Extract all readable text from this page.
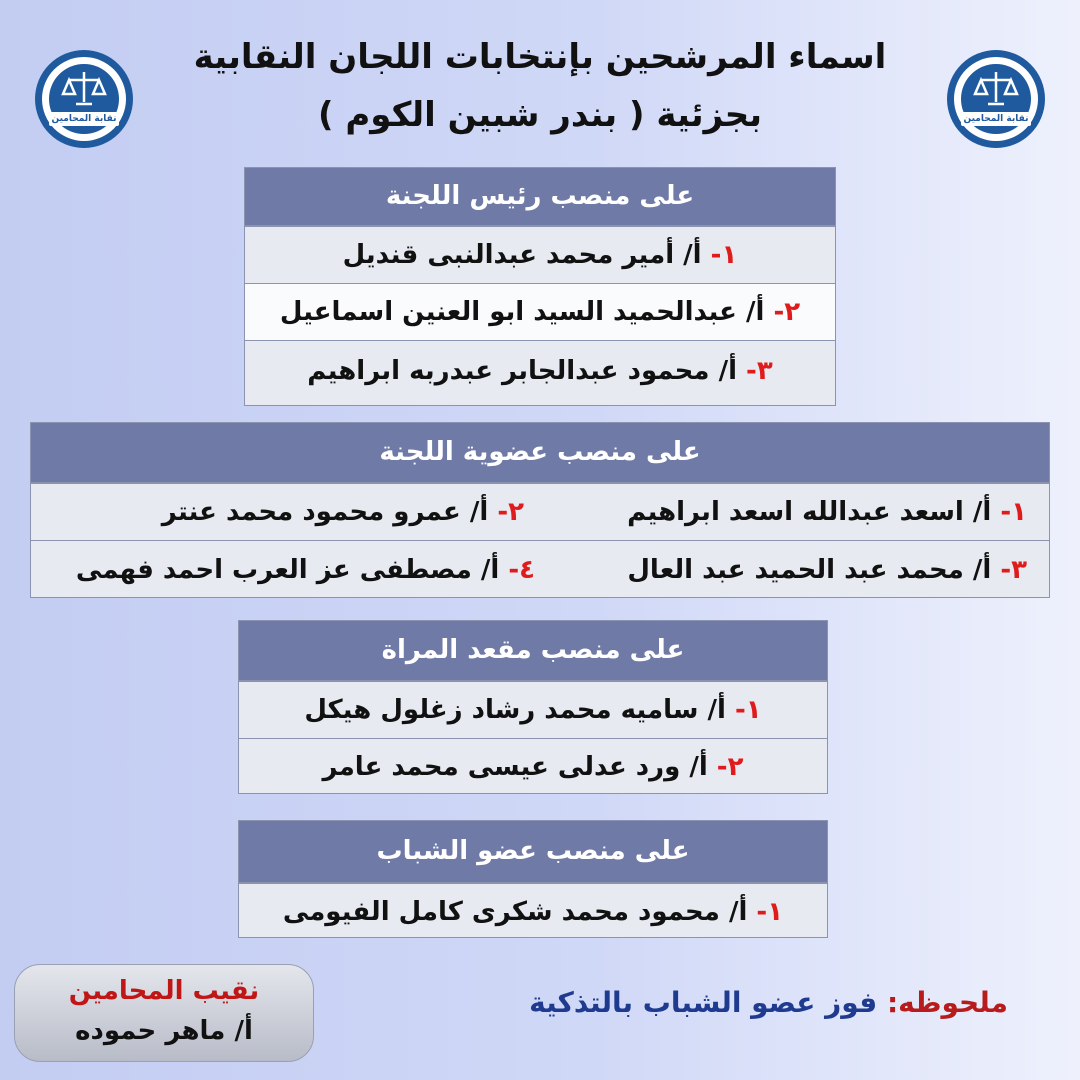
نقابة المحامين	نقابة المحامين
اسماء المرشحين بإنتخابات اللجان النقابية
بجزئية ( بندر شبين الكوم )
على منصب رئيس اللجنة
١- أ/ أمير محمد عبدالنبى قنديل
٢- أ/ عبدالحميد السيد ابو العنين اسماعيل
٣- أ/ محمود عبدالجابر عبدربه ابراهيم
على منصب عضوية اللجنة
١- أ/ اسعد عبدالله اسعد ابراهيم
٢- أ/ عمرو محمود محمد عنتر
٣- أ/ محمد عبد الحميد عبد العال
٤- أ/ مصطفى عز العرب احمد فهمى
على منصب مقعد المراة
١- أ/ ساميه محمد رشاد زغلول هيكل
٢- أ/ ورد عدلى عيسى محمد عامر
على منصب عضو الشباب
١- أ/ محمود محمد شكرى كامل الفيومى
نقيب المحامين
أ/ ماهر حموده
ملحوظه: فوز عضو الشباب بالتذكية
